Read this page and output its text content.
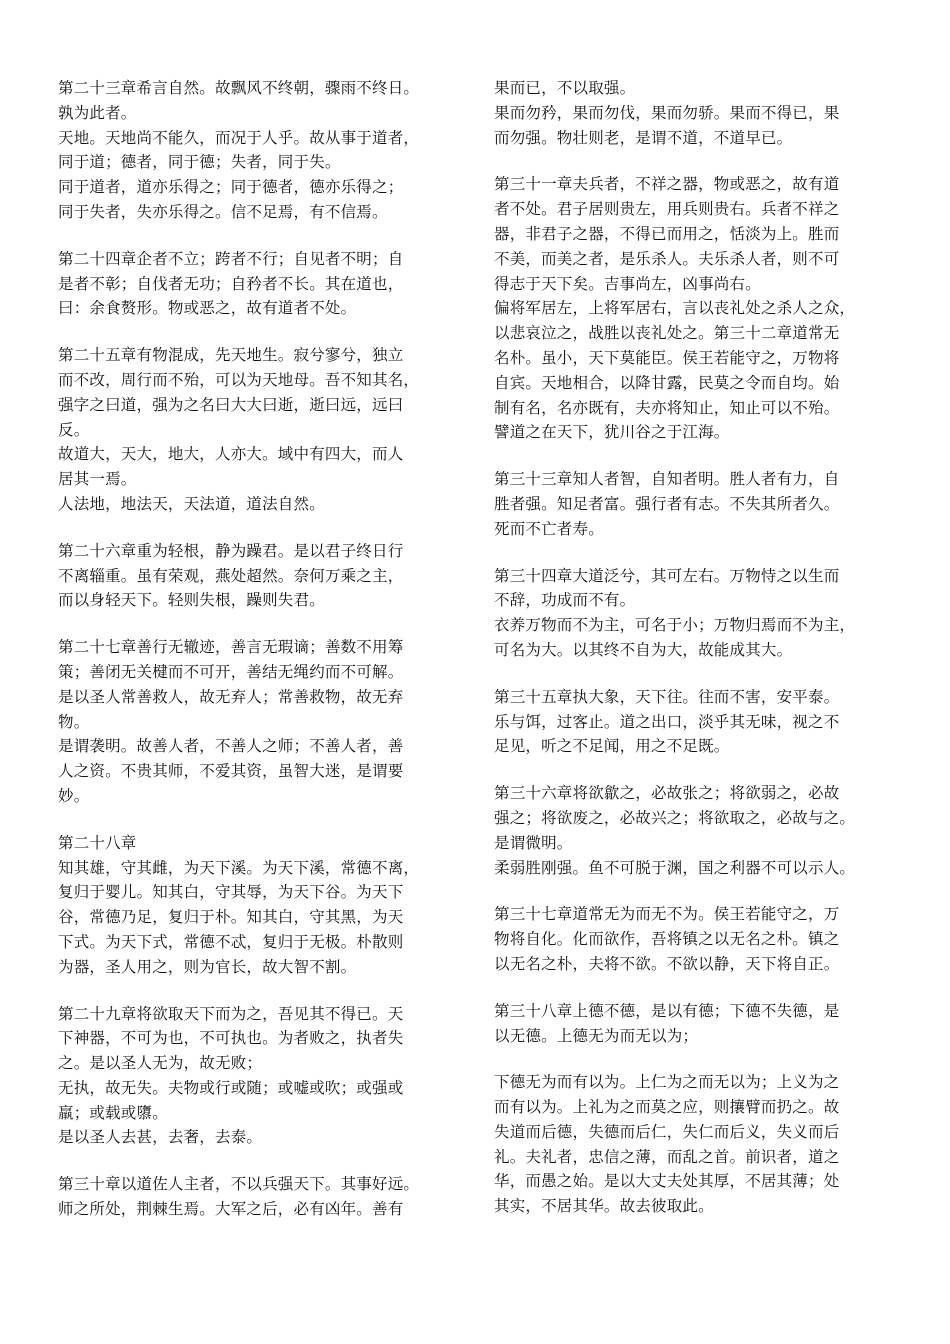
第二十三章希言自然。故飘风不终朝，骤雨不终日。
孰为此者。
天地。天地尚不能久，而况于人乎。故从事于道者，
同于道；德者，同于德；失者，同于失。
同于道者，道亦乐得之；同于德者，德亦乐得之；
同于失者，失亦乐得之。信不足焉，有不信焉。
第二十四章企者不立；跨者不行；自见者不明；自
是者不彰；自伐者无功；自矜者不长。其在道也，
曰：余食赘形。物或恶之，故有道者不处。
第二十五章有物混成，先天地生。寂兮寥兮，独立
而不改，周行而不殆，可以为天地母。吾不知其名，
强字之曰道，强为之名曰大大曰逝，逝曰远，远曰
反。
故道大，天大，地大，人亦大。域中有四大，而人
居其一焉。
人法地，地法天，天法道，道法自然。
第二十六章重为轻根，静为躁君。是以君子终日行
不离辎重。虽有荣观，燕处超然。奈何万乘之主，
而以身轻天下。轻则失根，躁则失君。
第二十七章善行无辙迹，善言无瑕谪；善数不用筹
策；善闭无关楗而不可开，善结无绳约而不可解。
是以圣人常善救人，故无弃人；常善救物，故无弃
物。
是谓袭明。故善人者，不善人之师；不善人者，善
人之资。不贵其师，不爱其资，虽智大迷，是谓要
妙。
第二十八章
知其雄，守其雌，为天下溪。为天下溪，常德不离，
复归于婴儿。知其白，守其辱，为天下谷。为天下
谷，常德乃足，复归于朴。知其白，守其黑，为天
下式。为天下式，常德不忒，复归于无极。朴散则
为器，圣人用之，则为官长，故大智不割。
第二十九章将欲取天下而为之，吾见其不得已。天
下神器，不可为也，不可执也。为者败之，执者失
之。是以圣人无为，故无败；
无执，故无失。夫物或行或随；或嘘或吹；或强或
羸；或载或隳。
是以圣人去甚，去奢，去泰。
第三十章以道佐人主者，不以兵强天下。其事好远。
师之所处，荆棘生焉。大军之后，必有凶年。善有
果而已，不以取强。
果而勿矜，果而勿伐，果而勿骄。果而不得已，果
而勿强。物壮则老，是谓不道，不道早已。
第三十一章夫兵者，不祥之器，物或恶之，故有道
者不处。君子居则贵左，用兵则贵右。兵者不祥之
器，非君子之器，不得已而用之，恬淡为上。胜而
不美，而美之者，是乐杀人。夫乐杀人者，则不可
得志于天下矣。吉事尚左，凶事尚右。
偏将军居左，上将军居右，言以丧礼处之杀人之众，
以悲哀泣之，战胜以丧礼处之。第三十二章道常无
名朴。虽小，天下莫能臣。侯王若能守之，万物将
自宾。天地相合，以降甘露，民莫之令而自均。始
制有名，名亦既有，夫亦将知止，知止可以不殆。
譬道之在天下，犹川谷之于江海。
第三十三章知人者智，自知者明。胜人者有力，自
胜者强。知足者富。强行者有志。不失其所者久。
死而不亡者寿。
第三十四章大道泛兮，其可左右。万物恃之以生而
不辞，功成而不有。
衣养万物而不为主，可名于小；万物归焉而不为主，
可名为大。以其终不自为大，故能成其大。
第三十五章执大象，天下往。往而不害，安平泰。
乐与饵，过客止。道之出口，淡乎其无味，视之不
足见，听之不足闻，用之不足既。
第三十六章将欲歙之，必故张之；将欲弱之，必故
强之；将欲废之，必故兴之；将欲取之，必故与之。
是谓微明。
柔弱胜刚强。鱼不可脱于渊，国之利器不可以示人。
第三十七章道常无为而无不为。侯王若能守之，万
物将自化。化而欲作，吾将镇之以无名之朴。镇之
以无名之朴，夫将不欲。不欲以静，天下将自正。
第三十八章上德不德，是以有德；下德不失德，是
以无德。上德无为而无以为；
下德无为而有以为。上仁为之而无以为；上义为之
而有以为。上礼为之而莫之应，则攘臂而扔之。故
失道而后德，失德而后仁，失仁而后义，失义而后
礼。夫礼者，忠信之薄，而乱之首。前识者，道之
华，而愚之始。是以大丈夫处其厚，不居其薄；处
其实，不居其华。故去彼取此。
